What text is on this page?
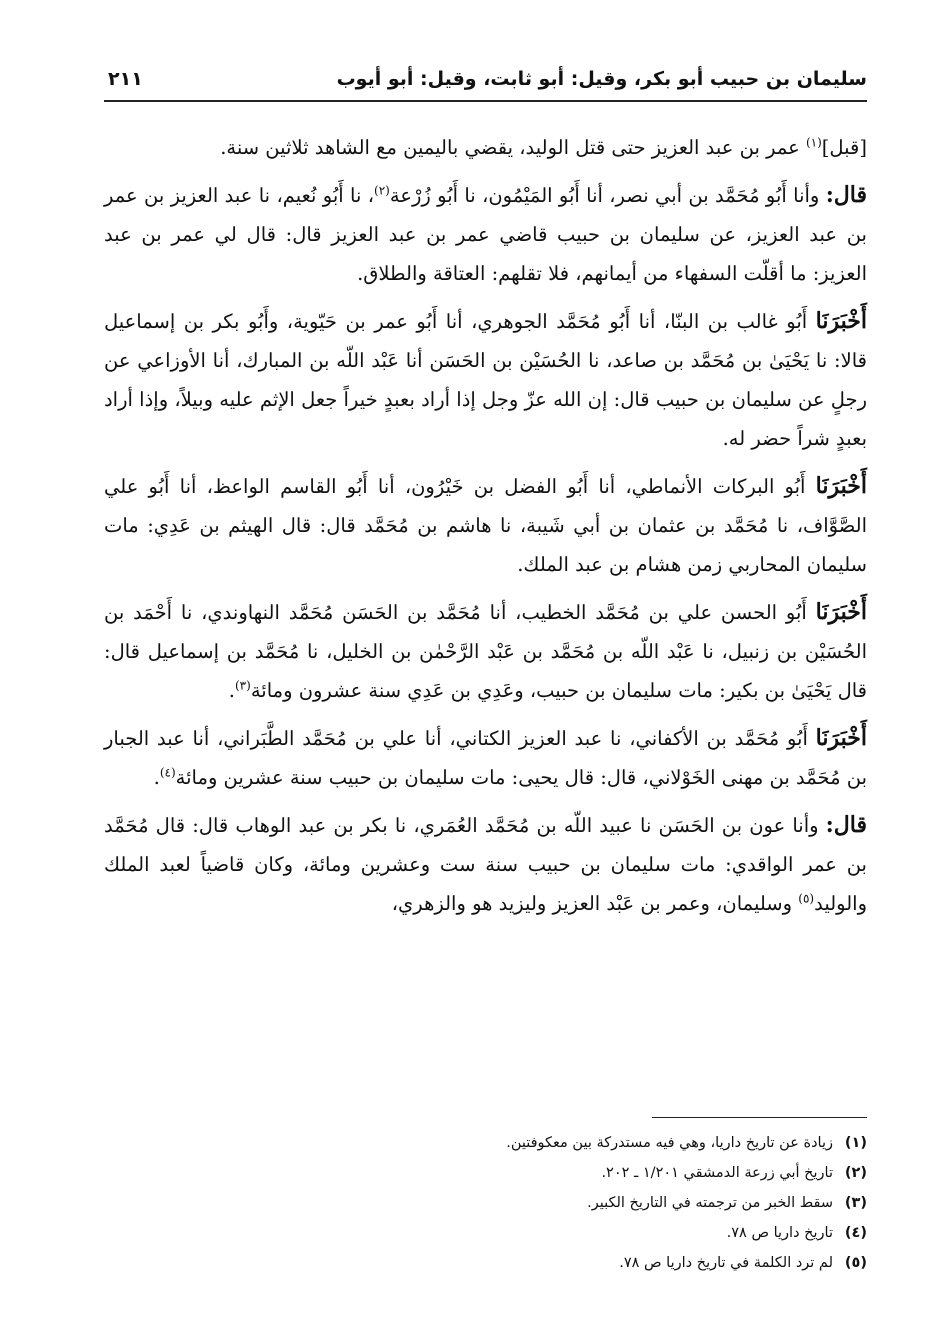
سليمان بن حبيب أبو بكر، وقيل: أبو ثابت، وقيل: أبو أيوب
٢١١

[قبل]$^{(١)}$ عمر بن عبد العزيز حتى قتل الوليد، يقضي باليمين مع الشاهد ثلاثين سنة.

قال: وأنا أَبُو مُحَمَّد بن أبي نصر، أنا أَبُو المَيْمُون، نا أَبُو زُرْعة$^{(٢)}$، نا أَبُو نُعيم، نا عبد العزيز بن عمر بن عبد العزيز، عن سليمان بن حبيب قاضي عمر بن عبد العزيز قال: قال لي عمر بن عبد العزيز: ما أقلّت السفهاء من أيمانهم، فلا تقلهم: العتاقة والطلاق.

أَخْبَرَنَا أَبُو غالب بن البنّا، أنا أَبُو مُحَمَّد الجوهري، أنا أَبُو عمر بن حَيّوية، وأَبُو بكر بن إسماعيل قالا: نا يَحْيَىٰ بن مُحَمَّد بن صاعد، نا الحُسَيْن بن الحَسَن أنا عَبْد اللّه بن المبارك، أنا الأوزاعي عن رجلٍ عن سليمان بن حبيب قال: إن الله عزّ وجل إذا أراد بعبدٍ خيراً جعل الإثم عليه وبيلاً، وإذا أراد بعبدٍ شراً حضر له.

أَخْبَرَنَا أَبُو البركات الأنماطي، أنا أَبُو الفضل بن خَيْرُون، أنا أَبُو القاسم الواعظ، أنا أَبُو علي الصَّوَّاف، نا مُحَمَّد بن عثمان بن أبي شَيبة، نا هاشم بن مُحَمَّد قال: قال الهيثم بن عَدِي: مات سليمان المحاربي زمن هشام بن عبد الملك.

أَخْبَرَنَا أَبُو الحسن علي بن مُحَمَّد الخطيب، أنا مُحَمَّد بن الحَسَن مُحَمَّد النهاوندي، نا أَحْمَد بن الحُسَيْن بن زنبيل، نا عَبْد اللّه بن مُحَمَّد بن عَبْد الرَّحْمٰن بن الخليل، نا مُحَمَّد بن إسماعيل قال: قال يَحْيَىٰ بن بكير: مات سليمان بن حبيب، وعَدِي بن عَدِي سنة عشرون ومائة$^{(٣)}$.

أَخْبَرَنَا أَبُو مُحَمَّد بن الأكفاني، نا عبد العزيز الكتاني، أنا علي بن مُحَمَّد الطَّبَراني، أنا عبد الجبار بن مُحَمَّد بن مهنى الخَوْلاني، قال: قال يحيى: مات سليمان بن حبيب سنة عشرين ومائة$^{(٤)}$.

قال: وأنا عون بن الحَسَن نا عبيد اللّه بن مُحَمَّد العُمَري، نا بكر بن عبد الوهاب قال: قال مُحَمَّد بن عمر الواقدي: مات سليمان بن حبيب سنة ست وعشرين ومائة، وكان قاضياً لعبد الملك والوليد$^{(٥)}$ وسليمان، وعمر بن عَبْد العزيز وليزيد هو والزهري،

(١)
زيادة عن تاريخ داريا، وهي فيه مستدركة بين معكوفتين.
(٢)
تاريخ أبي زرعة الدمشقي ١/٢٠١ ـ ٢٠٢.
(٣)
سقط الخبر من ترجمته في التاريخ الكبير.
(٤)
تاريخ داريا ص ٧٨.
(٥)
لم ترد الكلمة في تاريخ داريا ص ٧٨.
